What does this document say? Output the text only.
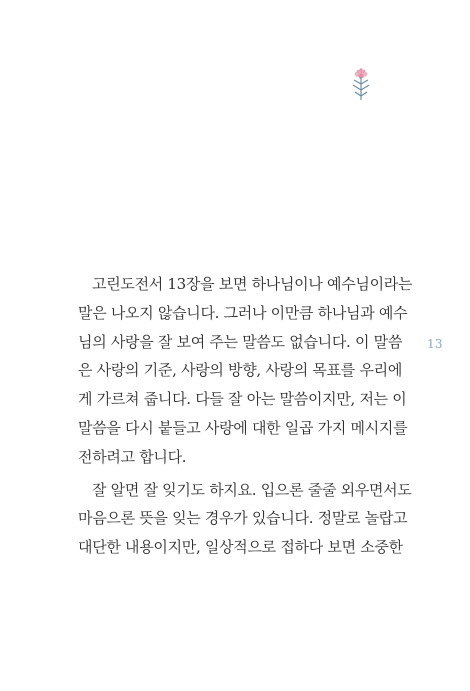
13
고린도전서 13장을 보면 하나님이나 예수님이라는
말은 나오지 않습니다. 그러나 이만큼 하나님과 예수
님의 사랑을 잘 보여 주는 말씀도 없습니다. 이 말씀
은 사랑의 기준, 사랑의 방향, 사랑의 목표를 우리에
게 가르쳐 줍니다. 다들 잘 아는 말씀이지만, 저는 이
말씀을 다시 붙들고 사랑에 대한 일곱 가지 메시지를
전하려고 합니다.
잘 알면 잘 잊기도 하지요. 입으론 줄줄 외우면서도
마음으론 뜻을 잊는 경우가 있습니다. 정말로 놀랍고
대단한 내용이지만, 일상적으로 접하다 보면 소중한
